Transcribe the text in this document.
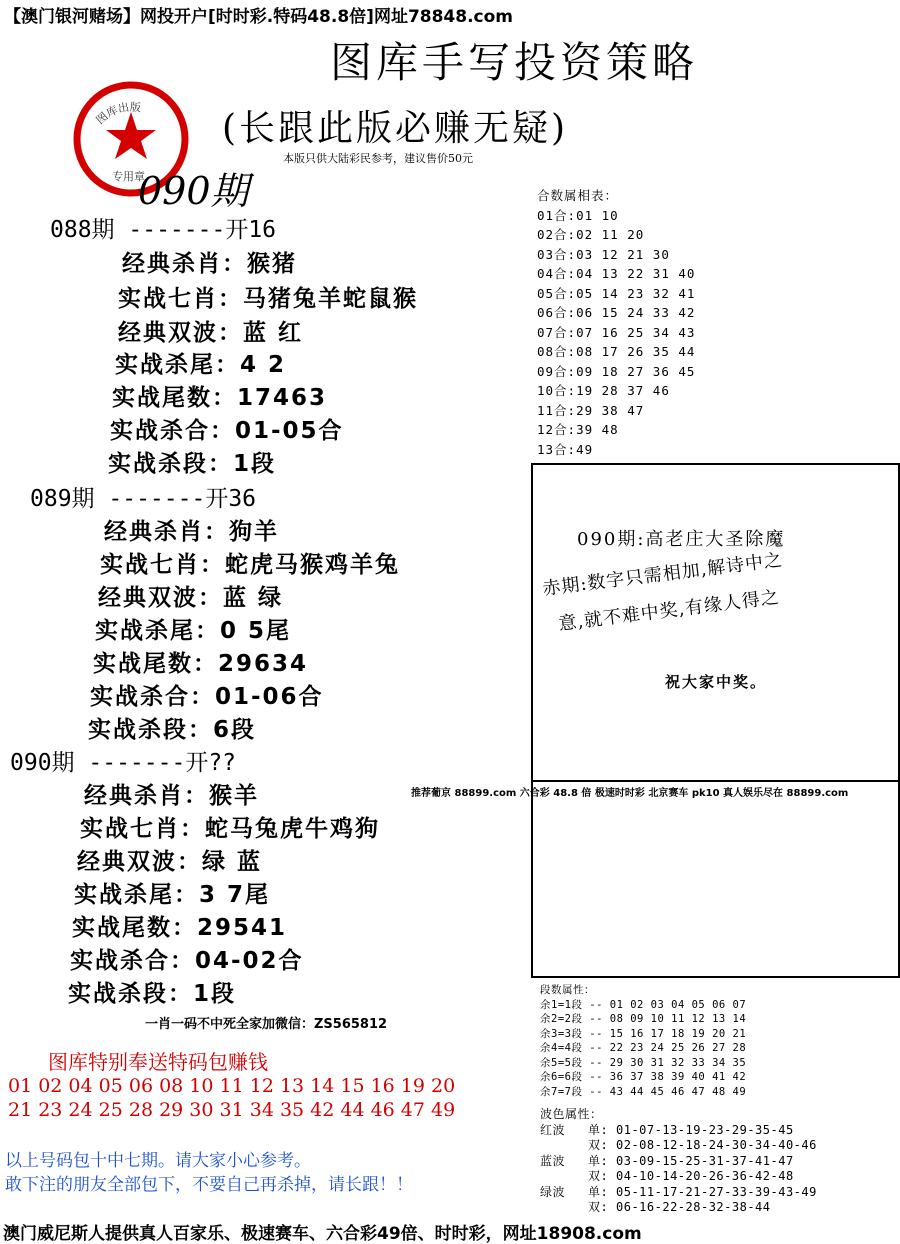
【澳门银河赌场】网投开户[时时彩.特码48.8倍]网址78848.com
图库手写投资策略
(长跟此版必赚无疑)
本版只供大陆彩民参考，建议售价50元
图库出版
专用章
090期
088期 -------开16
经典杀肖：猴猪
实战七肖：马猪兔羊蛇鼠猴
经典双波：蓝 红
实战杀尾：4 2
实战尾数：17463
实战杀合：01-05合
实战杀段：1段
089期 -------开36
经典杀肖：狗羊
实战七肖：蛇虎马猴鸡羊兔
经典双波：蓝 绿
实战杀尾：0 5尾
实战尾数：29634
实战杀合：01-06合
实战杀段：6段
090期 -------开??
经典杀肖：猴羊
实战七肖：蛇马兔虎牛鸡狗
经典双波：绿 蓝
实战杀尾：3 7尾
实战尾数：29541
实战杀合：04-02合
实战杀段：1段
合数属相表：
01合:01 10
02合:02 11 20
03合:03 12 21 30
04合:04 13 22 31 40
05合:05 14 23 32 41
06合:06 15 24 33 42
07合:07 16 25 34 43
08合:08 17 26 35 44
09合:09 18 27 36 45
10合:19 28 37 46
11合:29 38 47
12合:39 48
13合:49
090期:高老庄大圣除魔
赤期:数字只需相加,解诗中之
意,就不难中奖,有缘人得之
祝大家中奖。
推荐葡京 88899.com 六合彩 48.8 倍 极速时时彩 北京赛车 pk10 真人娱乐尽在 88899.com
一肖一码不中死全家加微信：ZS565812
图库特别奉送特码包赚钱
01 02 04 05 06 08 10 11 12 13 14 15 16 19 20
21 23 24 25 28 29 30 31 34 35 42 44 46 47 49
以上号码包十中七期。请大家小心参考。
敢下注的朋友全部包下，不要自己再杀掉，请长跟！！
段数属性：
余1=1段 -- 01 02 03 04 05 06 07
余2=2段 -- 08 09 10 11 12 13 14
余3=3段 -- 15 16 17 18 19 20 21
余4=4段 -- 22 23 24 25 26 27 28
余5=5段 -- 29 30 31 32 33 34 35
余6=6段 -- 36 37 38 39 40 41 42
余7=7段 -- 43 44 45 46 47 48 49
波色属性：
红波 单: 01-07-13-19-23-29-35-45
双: 02-08-12-18-24-30-34-40-46
蓝波 单: 03-09-15-25-31-37-41-47
双: 04-10-14-20-26-36-42-48
绿波 单: 05-11-17-21-27-33-39-43-49
双: 06-16-22-28-32-38-44
澳门威尼斯人提供真人百家乐、极速赛车、六合彩49倍、时时彩，网址18908.com
